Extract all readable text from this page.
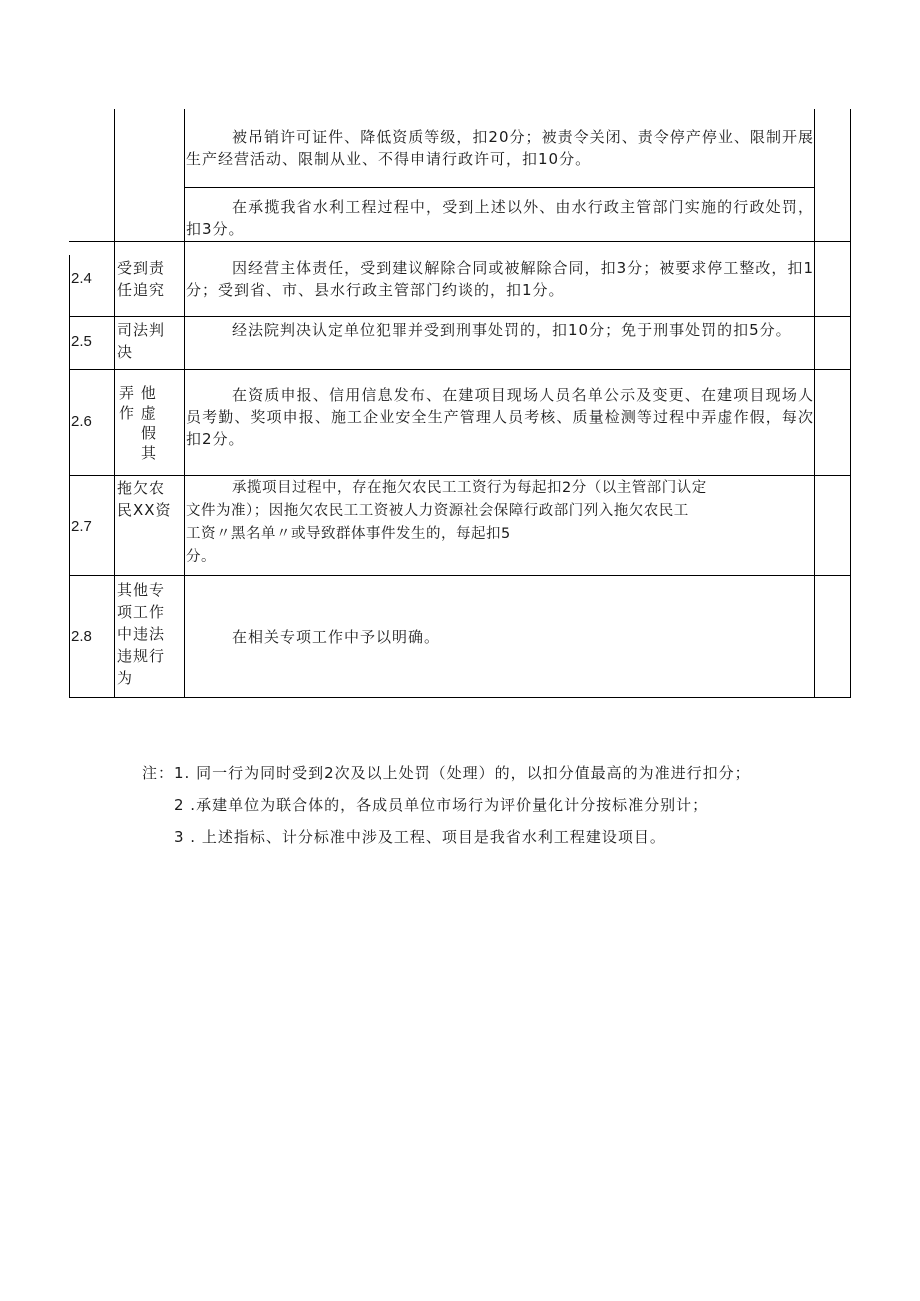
被吊销许可证件、降低资质等级，扣20分；被责令关闭、责令停产停业、限制开展生产经营活动、限制从业、不得申请行政许可，扣10分。
在承揽我省水利工程过程中，受到上述以外、由水行政主管部门实施的行政处罚，扣3分。
2.4
受到责
任追究
因经营主体责任，受到建议解除合同或被解除合同，扣3分；被要求停工整改，扣1分；受到省、市、县水行政主管部门约谈的，扣1分。
2.5
司法判
决
经法院判决认定单位犯罪并受到刑事处罚的，扣10分；免于刑事处罚的扣5分。
2.6
弄 他
作 虚
假
其
在资质申报、信用信息发布、在建项目现场人员名单公示及变更、在建项目现场人员考勤、奖项申报、施工企业安全生产管理人员考核、质量检测等过程中弄虚作假，每次扣2分。
2.7
拖欠农
民XX资
承揽项目过程中，存在拖欠农民工工资行为每起扣2分（以主管部门认定
文件为准）；因拖欠农民工工资被人力资源社会保障行政部门列入拖欠农民工
工资〃黑名单〃或导致群体事件发生的，每起扣5
分。
2.8
其他专
项工作
中违法
违规行
为
在相关专项工作中予以明确。
注：1. 同一行为同时受到2次及以上处罚（处理）的，以扣分值最高的为准进行扣分；
2 .承建单位为联合体的，各成员单位市场行为评价量化计分按标准分别计；
3 . 上述指标、计分标准中涉及工程、项目是我省水利工程建设项目。
